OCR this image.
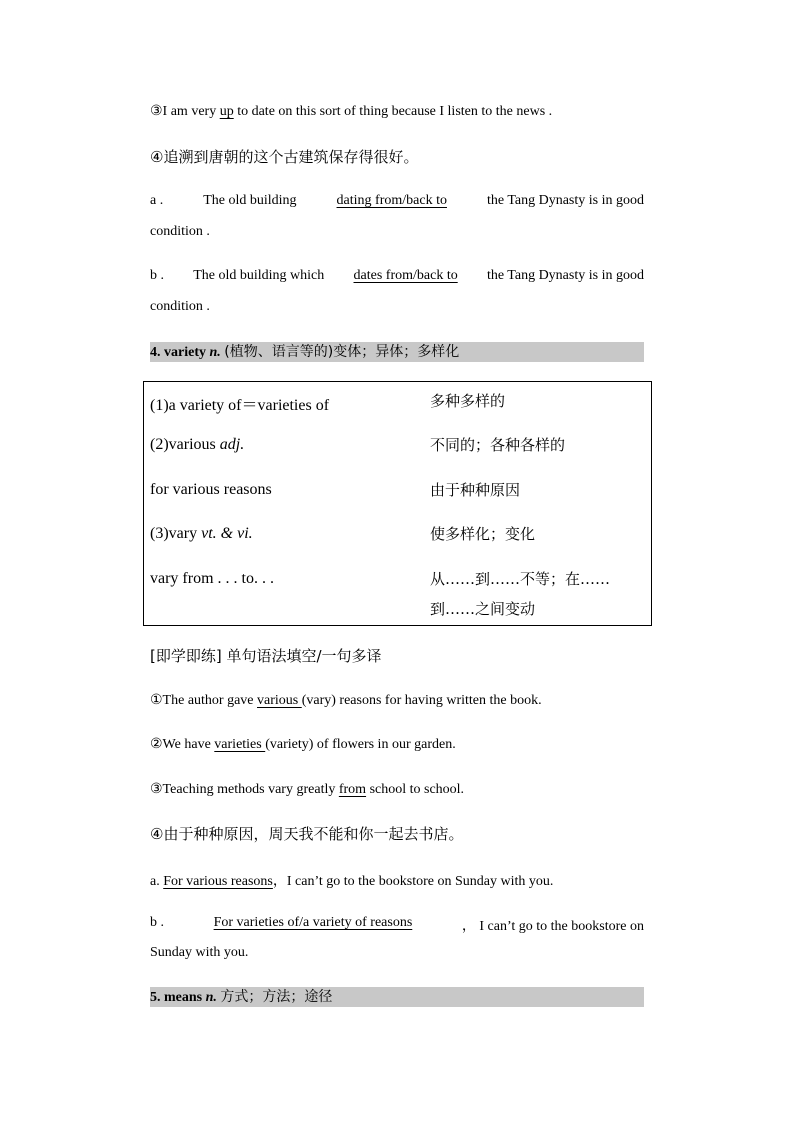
③I am very up to date on this sort of thing because I listen to the news .
④追溯到唐朝的这个古建筑保存得很好。
a .	The old building	dating from/back to	the Tang Dynasty is in good
condition .
b . The old building which dates from/back to the Tang Dynasty is in good
condition .
4. variety n. (植物、语言等的)变体；异体；多样化
(1)a variety of＝varieties of	多种多样的
(2)various adj.	不同的；各种各样的
for various reasons	由于种种原因
(3)vary vt. & vi.	使多样化；变化
vary from . . . to. . .	从……到……不等；在……
到……之间变动
[即学即练] 单句语法填空/一句多译
①The author gave various (vary) reasons for having written the book.
②We have varieties (variety) of flowers in our garden.
③Teaching methods vary greatly from school to school.
④由于种种原因，周天我不能和你一起去书店。
a. For various reasons，I can’t go to the bookstore on Sunday with you.
b .	For varieties of/a variety of reasons	， I can’t go to the bookstore on
Sunday with you.
5. means n. 方式；方法；途径
